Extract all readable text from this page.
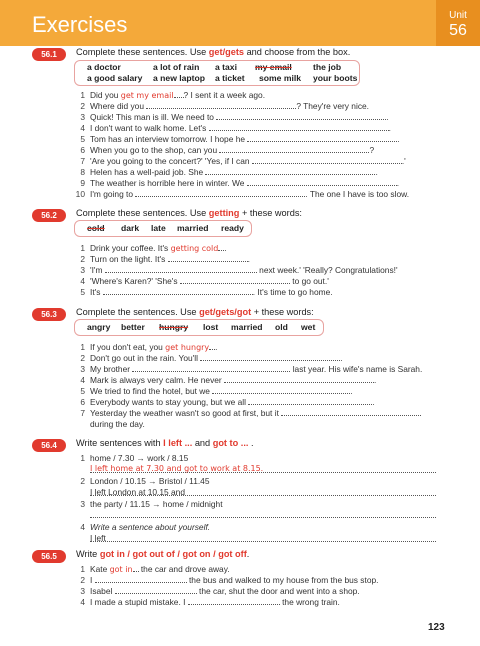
Exercises	Unit
56
56.1	Complete these sentences. Use get/gets and choose from the box.
a doctor	a lot of rain a taxi my email the job
a good salary a new laptop a ticket some milk your boots
1 Did you get my email ? I sent it a week ago.
2 Where did you	? They're very nice.
3 Quick! This man is ill. We need to	.
4 I don't want to walk home. Let's	.
5 Tom has an interview tomorrow. I hope he	.
6 When you go to the shop, can you	?
7 'Are you going to the concert?' 'Yes, if I can	.'
8 Helen has a well-paid job. She	.
9 The weather is horrible here in winter. We	.
10 I'm going to	. The one I have is too slow.
56.2	Complete these sentences. Use getting + these words:
cold dark late married ready
1 Drink your coffee. It's getting cold .
2 Turn on the light. It's	.
3 'I'm	next week.' 'Really? Congratulations!'
4 'Where's Karen?' 'She's	to go out.'
5 It's	. It's time to go home.
56.3	Complete the sentences. Use get/gets/got + these words:
angry better hungry lost married old wet
1 If you don't eat, you get hungry .
2 Don't go out in the rain. You'll	.
3 My brother	last year. His wife's name is Sarah.
4 Mark is always very calm. He never	.
5 We tried to find the hotel, but we	.
6 Everybody wants to stay young, but we all	.
7 Yesterday the weather wasn't so good at first, but it
during the day.
56.4	Write sentences with I left ... and got to ... .
1 home / 7.30 → work / 8.15
I left home at 7.30 and got to work at 8.15.
2 London / 10.15 → Bristol / 11.45
I left London at 10.15 and
3 the party / 11.15 → home / midnight
4 Write a sentence about yourself.
I left
56.5	Write got in / got out of / got on / got off.
1 Kate got in the car and drove away.
2 I	the bus and walked to my house from the bus stop.
3 Isabel	the car, shut the door and went into a shop.
4 I made a stupid mistake. I	the wrong train.
123
